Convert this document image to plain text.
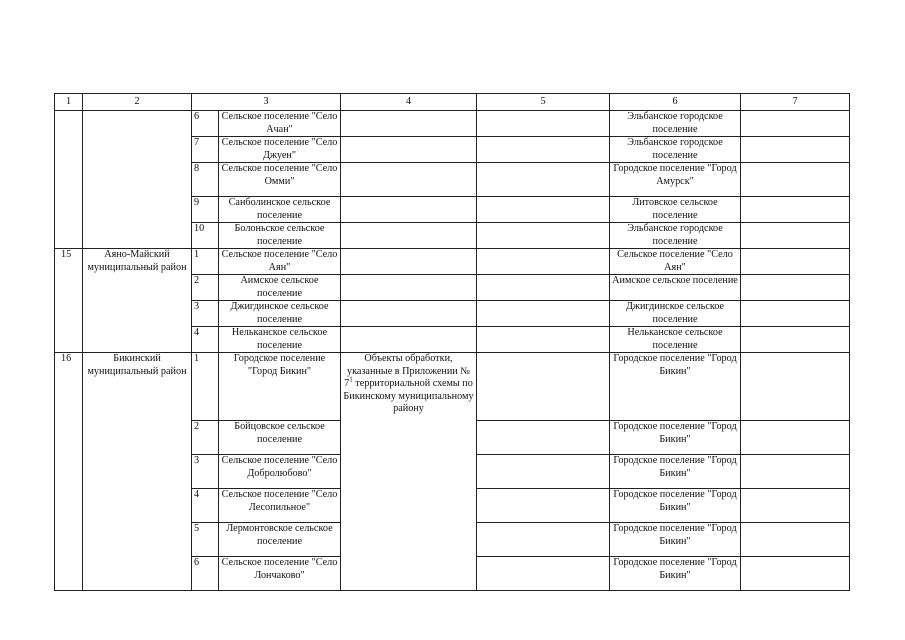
1	2	3		4	5	6	7
		6	Сельское поселение "Село Ачан"			Эльбанское городское поселение	
		7	Сельское поселение "Село Джуен"			Эльбанское городское поселение	
		8	Сельское поселение "Село Омми"			Городское поселение "Город Амурск"	
		9	Санболинское сельское поселение			Литовское сельское поселение	
		10	Болоньское сельское поселение			Эльбанское городское поселение	
15	Аяно-Майский муниципальный район	1	Сельское поселение "Село Аян"			Сельское поселение "Село Аян"	
		2	Аимское сельское поселение			Аимское сельское поселение	
		3	Джигдинское сельское поселение			Джигдинское сельское поселение	
		4	Нельканское сельское поселение			Нельканское сельское поселение	
16	Бикинский муниципальный район	1	Городское поселение "Город Бикин"	Объекты обработки, указанные в Приложении № $7^1$ территориальной схемы по Бикинскому муниципальному району		Городское поселение "Город Бикин"	
		2	Бойцовское сельское поселение			Городское поселение "Город Бикин"	
		3	Сельское поселение "Село Добролюбово"			Городское поселение "Город Бикин"	
		4	Сельское поселение "Село Лесопильное"			Городское поселение "Город Бикин"	
		5	Лермонтовское сельское поселение			Городское поселение "Город Бикин"	
		6	Сельское поселение "Село Лончаково"			Городское поселение "Город Бикин"	
